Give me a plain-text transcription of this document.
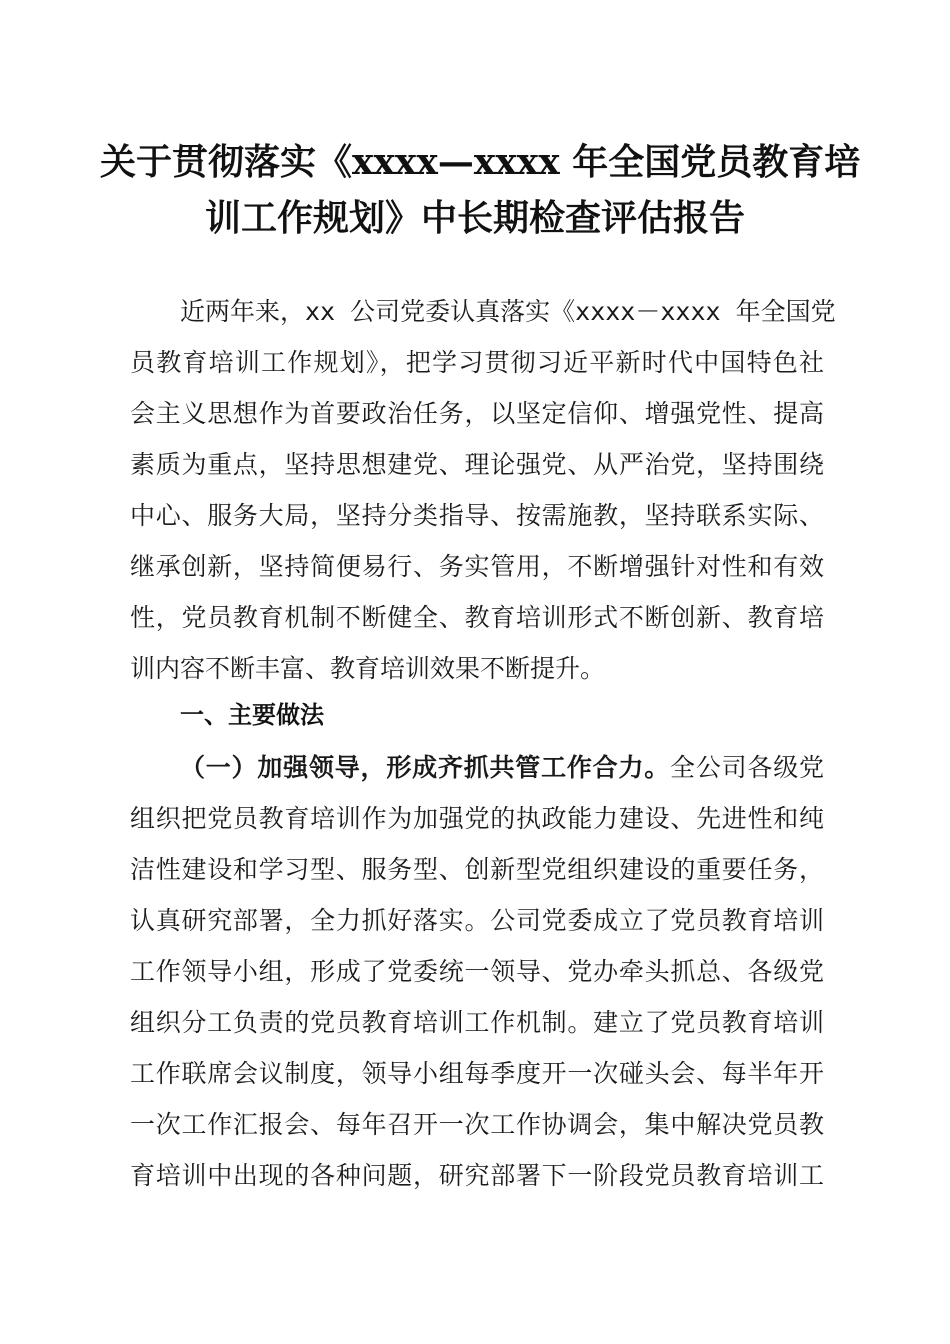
关于贯彻落实《xxxx—xxxx 年全国党员教育培
训工作规划》中长期检查评估报告
近两年来，xx 公司党委认真落实《xxxx－xxxx 年全国党
员教育培训工作规划》，把学习贯彻习近平新时代中国特色社
会主义思想作为首要政治任务，以坚定信仰、增强党性、提高
素质为重点，坚持思想建党、理论强党、从严治党，坚持围绕
中心、服务大局，坚持分类指导、按需施教，坚持联系实际、
继承创新，坚持简便易行、务实管用，不断增强针对性和有效
性，党员教育机制不断健全、教育培训形式不断创新、教育培
训内容不断丰富、教育培训效果不断提升。
一、主要做法
（一）加强领导，形成齐抓共管工作合力。全公司各级党
组织把党员教育培训作为加强党的执政能力建设、先进性和纯
洁性建设和学习型、服务型、创新型党组织建设的重要任务，
认真研究部署，全力抓好落实。公司党委成立了党员教育培训
工作领导小组，形成了党委统一领导、党办牵头抓总、各级党
组织分工负责的党员教育培训工作机制。建立了党员教育培训
工作联席会议制度，领导小组每季度开一次碰头会、每半年开
一次工作汇报会、每年召开一次工作协调会，集中解决党员教
育培训中出现的各种问题，研究部署下一阶段党员教育培训工
